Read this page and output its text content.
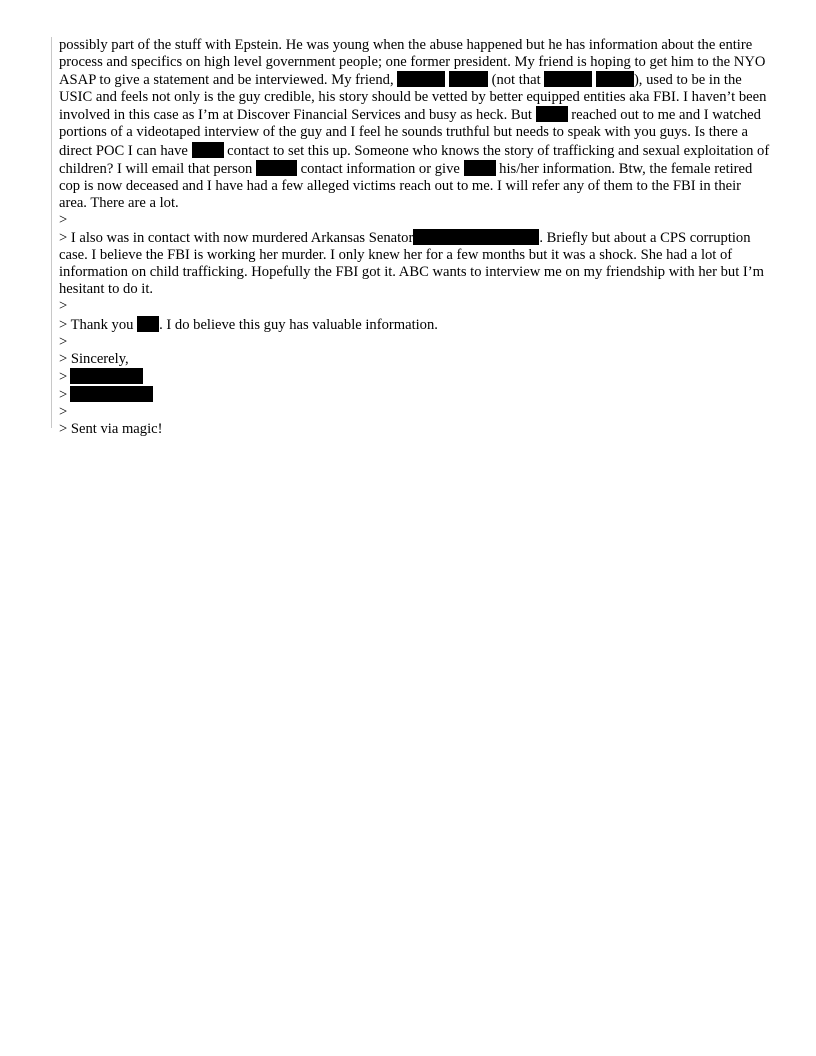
possibly part of the stuff with Epstein. He was young when the abuse happened but he has information about the entire process and specifics on high level government people; one former president. My friend is hoping to get him to the NYO ASAP to give a statement and be interviewed. My friend,	(not that	), used to be in the USIC and feels not only is the guy credible, his story should be vetted by better equipped entities aka FBI. I haven’t been involved in this case as I’m at Discover Financial Services and busy as heck. But  reached out to me and I watched portions of a videotaped interview of the guy and I feel he sounds truthful but needs to speak with you guys. Is there a direct POC I can have  contact to set this up. Someone who knows the story of trafficking and sexual exploitation of children? I will email that person	contact information or give  his/her information. Btw, the female retired cop is now deceased and I have had a few alleged victims reach out to me. I will refer any of them to the FBI in their area. There are a lot.

>

> I also was in contact with now murdered Arkansas Senator	. Briefly but about a CPS corruption case. I believe the FBI is working her murder. I only knew her for a few months but it was a shock. She had a lot of information on child trafficking. Hopefully the FBI got it. ABC wants to interview me on my friendship with her but I’m hesitant to do it.

>

> Thank you . I do believe this guy has valuable information.

>
> Sincerely,
>
>
>
> Sent via magic!
